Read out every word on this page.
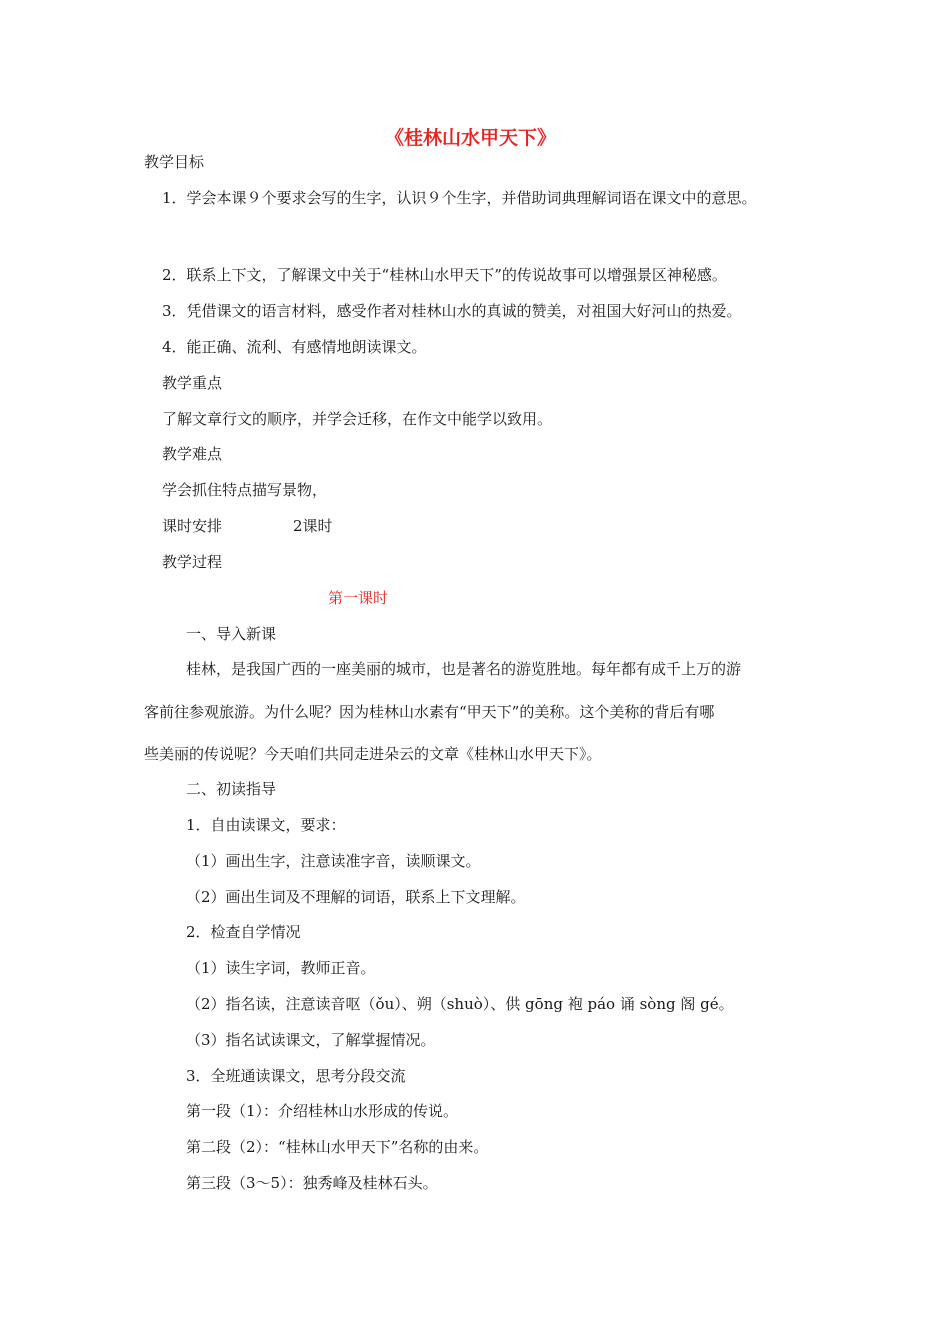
《桂林山水甲天下》
教学目标
1．学会本课９个要求会写的生字，认识９个生字，并借助词典理解词语在课文中的意思。
2．联系上下文，了解课文中关于“桂林山水甲天下”的传说故事可以增强景区神秘感。
3．凭借课文的语言材料，感受作者对桂林山水的真诚的赞美，对祖国大好河山的热爱。
4．能正确、流利、有感情地朗读课文。
教学重点
了解文章行文的顺序，并学会迁移，在作文中能学以致用。
教学难点
学会抓住特点描写景物，
课时安排	2课时
教学过程
第一课时
一、导入新课
桂林，是我国广西的一座美丽的城市，也是著名的游览胜地。每年都有成千上万的游
客前往参观旅游。为什么呢？因为桂林山水素有“甲天下”的美称。这个美称的背后有哪
些美丽的传说呢？今天咱们共同走进朵云的文章《桂林山水甲天下》。
二、初读指导
1．自由读课文，要求：
（1）画出生字，注意读准字音，读顺课文。
（2）画出生词及不理解的词语，联系上下文理解。
2．检查自学情况
（1）读生字词，教师正音。
（2）指名读，注意读音呕（ǒu）、朔（shuò）、供 gōng 袍 páo 诵 sòng 阁 gé。
（3）指名试读课文，了解掌握情况。
3．全班通读课文，思考分段交流
第一段（1）：介绍桂林山水形成的传说。
第二段（2）：“桂林山水甲天下”名称的由来。
第三段（3～5）：独秀峰及桂林石头。
